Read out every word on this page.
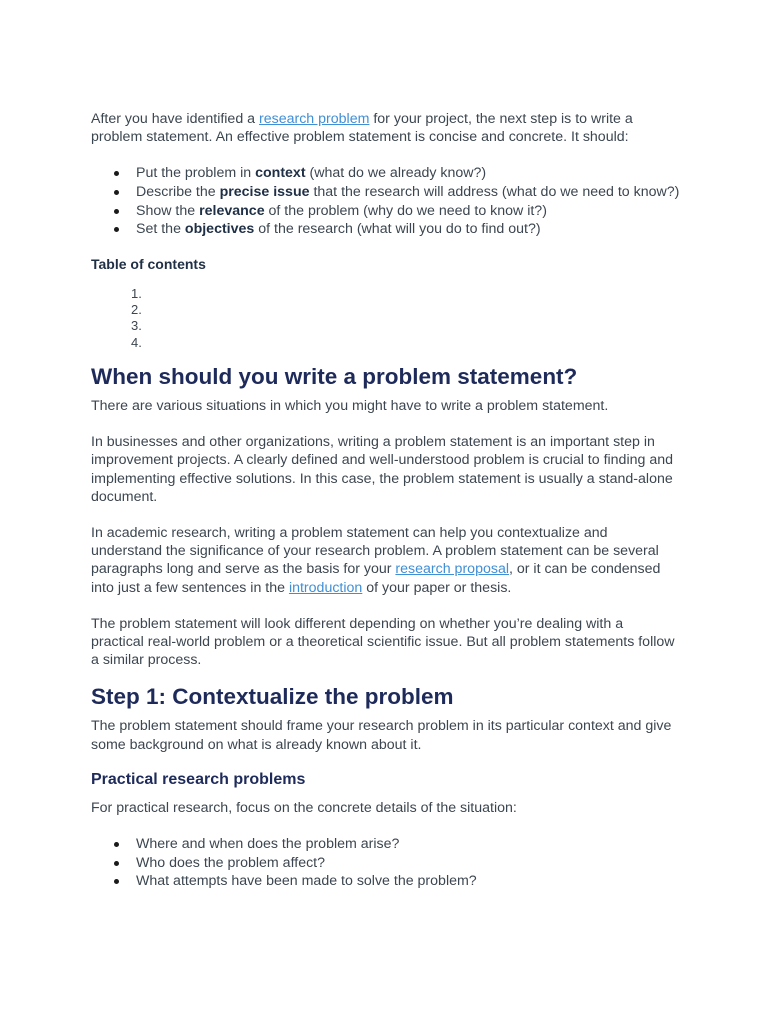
After you have identified a research problem for your project, the next step is to write a problem statement. An effective problem statement is concise and concrete. It should:

Put the problem in context (what do we already know?)
Describe the precise issue that the research will address (what do we need to know?)
Show the relevance of the problem (why do we need to know it?)
Set the objectives of the research (what will you do to find out?)
Table of contents
1.
2.
3.
4.
When should you write a problem statement?

There are various situations in which you might have to write a problem statement.

In businesses and other organizations, writing a problem statement is an important step in improvement projects. A clearly defined and well-understood problem is crucial to finding and implementing effective solutions. In this case, the problem statement is usually a stand-alone document.

In academic research, writing a problem statement can help you contextualize and understand the significance of your research problem. A problem statement can be several paragraphs long and serve as the basis for your research proposal, or it can be condensed into just a few sentences in the introduction of your paper or thesis.

The problem statement will look different depending on whether you’re dealing with a practical real-world problem or a theoretical scientific issue. But all problem statements follow a similar process.

Step 1: Contextualize the problem

The problem statement should frame your research problem in its particular context and give some background on what is already known about it.

Practical research problems

For practical research, focus on the concrete details of the situation:

Where and when does the problem arise?
Who does the problem affect?
What attempts have been made to solve the problem?
